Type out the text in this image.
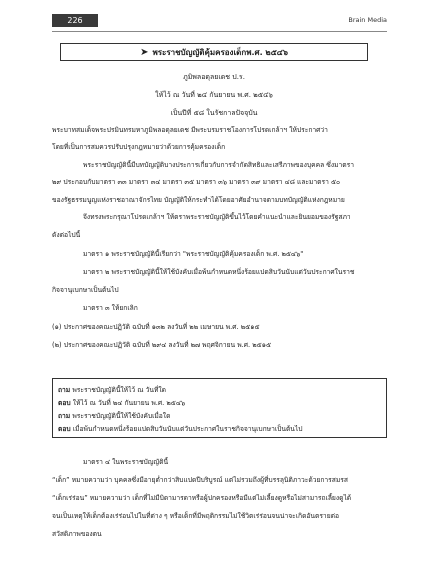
226	Brain Media
➤ พระราชบัญญัติคุ้มครองเด็กพ.ศ. ๒๕๔๖
ภูมิพลอดุลยเดช ป.ร.
ให้ไว้ ณ วันที่ ๒๔ กันยายน พ.ศ. ๒๕๔๖
เป็นปีที่ ๕๘ ในรัชกาลปัจจุบัน
พระบาทสมเด็จพระปรมินทรมหาภูมิพลอดุลยเดช มีพระบรมราชโองการโปรดเกล้าฯ ให้ประกาศว่า
โดยที่เป็นการสมควรปรับปรุงกฎหมายว่าด้วยการคุ้มครองเด็ก
พระราชบัญญัตินี้มีบทบัญญัติบางประการเกี่ยวกับการจำกัดสิทธิและเสรีภาพของบุคคล ซึ่งมาตรา
๒๙ ประกอบกับมาตรา ๓๓ มาตรา ๓๔ มาตรา ๓๕ มาตรา ๓๖ มาตรา ๓๙ มาตรา ๔๘ และมาตรา ๕๐
ของรัฐธรรมนูญแห่งราชอาณาจักรไทย บัญญัติให้กระทำได้โดยอาศัยอำนาจตามบทบัญญัติแห่งกฎหมาย
จึงทรงพระกรุณาโปรดเกล้าฯ ให้ตราพระราชบัญญัติขึ้นไว้โดยคำแนะนำและยินยอมของรัฐสภา
ดังต่อไปนี้
มาตรา ๑ พระราชบัญญัตินี้เรียกว่า "พระราชบัญญัติคุ้มครองเด็ก พ.ศ. ๒๕๔๖"
มาตรา ๒ พระราชบัญญัตินี้ให้ใช้บังคับเมื่อพ้นกำหนดหนึ่งร้อยแปดสิบวันนับแต่วันประกาศในราช
กิจจานุเบกษาเป็นต้นไป
มาตรา ๓ ให้ยกเลิก
(๑) ประกาศของคณะปฏิวัติ ฉบับที่ ๑๓๒ ลงวันที่ ๒๒ เมษายน พ.ศ. ๒๕๑๕
(๒) ประกาศของคณะปฏิวัติ ฉบับที่ ๒๙๔ ลงวันที่ ๒๗ พฤศจิกายน พ.ศ. ๒๕๑๕
ถาม พระราชบัญญัตินี้ให้ไว้ ณ วันที่ใด
ตอบ ให้ไว้ ณ วันที่ ๒๔ กันยายน พ.ศ. ๒๕๔๖
ถาม พระราชบัญญัตินี้ให้ใช้บังคับเมื่อใด
ตอบ เมื่อพ้นกำหนดหนึ่งร้อยแปดสิบวันนับแต่วันประกาศในราชกิจจานุเบกษาเป็นต้นไป
มาตรา ๔ ในพระราชบัญญัตินี้
“เด็ก” หมายความว่า บุคคลซึ่งมีอายุต่ำกว่าสิบแปดปีบริบูรณ์ แต่ไม่รวมถึงผู้ที่บรรลุนิติภาวะด้วยการสมรส
“เด็กเร่ร่อน” หมายความว่า เด็กที่ไม่มีบิดามารดาหรือผู้ปกครองหรือมีแต่ไม่เลี้ยงดูหรือไม่สามารถเลี้ยงดูได้
จนเป็นเหตุให้เด็กต้องเร่ร่อนไปในที่ต่าง ๆ หรือเด็กที่มีพฤติกรรมไม่ใช้วิตเร่ร่อนจนน่าจะเกิดอันตรายต่อ
สวัสดิภาพของตน
